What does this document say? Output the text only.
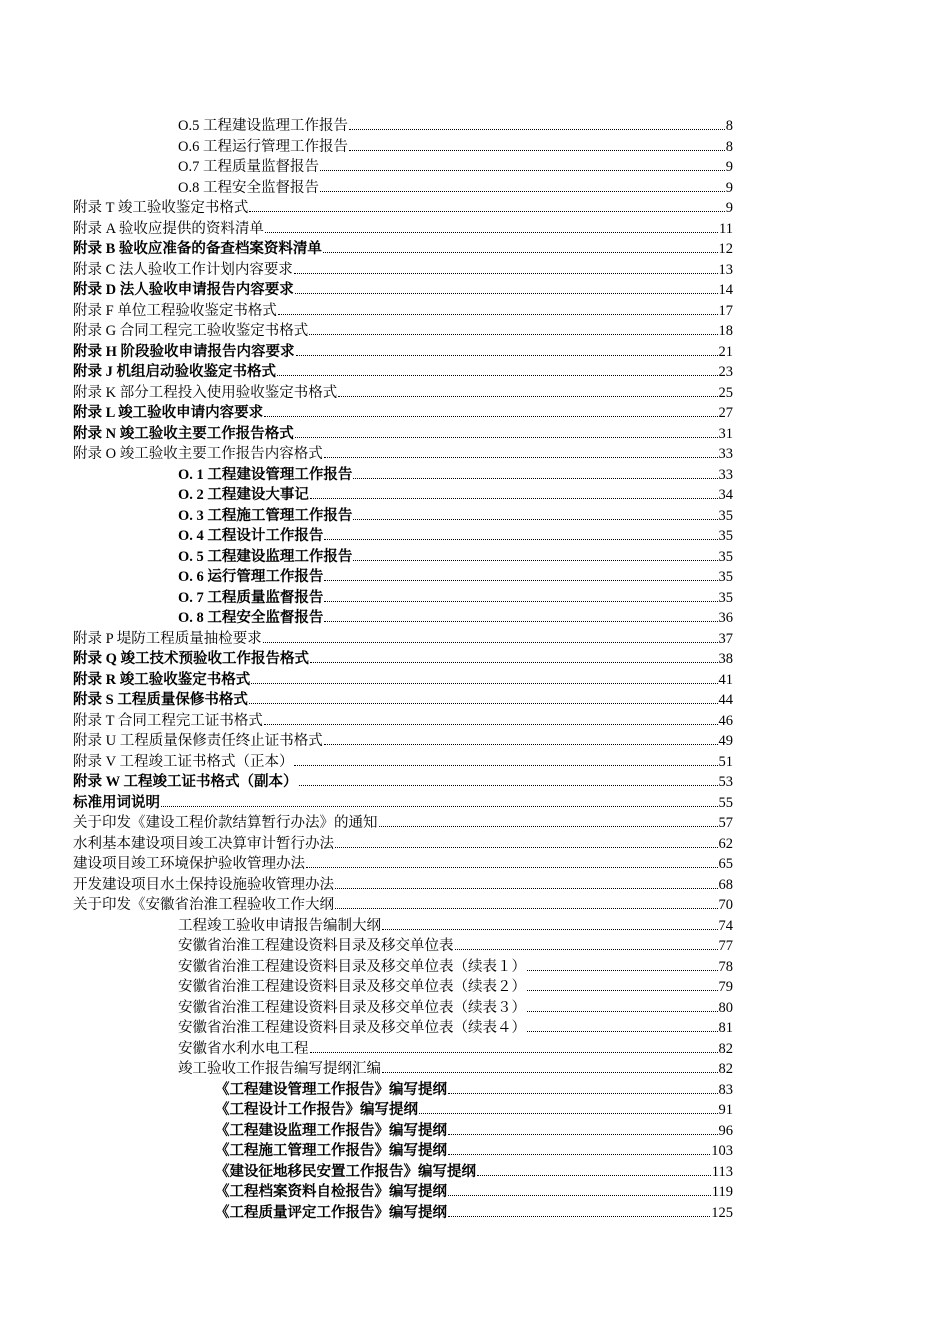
O.5 工程建设监理工作报告	8
O.6 工程运行管理工作报告	8
O.7 工程质量监督报告	9
O.8 工程安全监督报告	9
附录 T 竣工验收鉴定书格式	9
附录 A 验收应提供的资料清单	11
附录 B 验收应准备的备查档案资料清单	12
附录 C 法人验收工作计划内容要求	13
附录 D 法人验收申请报告内容要求	14
附录 F 单位工程验收鉴定书格式	17
附录 G 合同工程完工验收鉴定书格式	18
附录 H 阶段验收申请报告内容要求	21
附录 J 机组启动验收鉴定书格式	23
附录 K 部分工程投入使用验收鉴定书格式	25
附录 L 竣工验收申请内容要求	27
附录 N 竣工验收主要工作报告格式	31
附录 O 竣工验收主要工作报告内容格式	33
O. 1 工程建设管理工作报告	33
O. 2 工程建设大事记	34
O. 3 工程施工管理工作报告	35
O. 4 工程设计工作报告	35
O. 5 工程建设监理工作报告	35
O. 6 运行管理工作报告	35
O. 7 工程质量监督报告	35
O. 8 工程安全监督报告	36
附录 P 堤防工程质量抽检要求	37
附录 Q 竣工技术预验收工作报告格式	38
附录 R 竣工验收鉴定书格式	41
附录 S 工程质量保修书格式	44
附录 T 合同工程完工证书格式	46
附录 U 工程质量保修责任终止证书格式	49
附录 V 工程竣工证书格式（正本）	51
附录 W 工程竣工证书格式（副本）	53
标准用词说明	55
关于印发《建设工程价款结算暂行办法》的通知	57
水利基本建设项目竣工决算审计暂行办法	62
建设项目竣工环境保护验收管理办法	65
开发建设项目水土保持设施验收管理办法	68
关于印发《安徽省治淮工程验收工作大纲	70
工程竣工验收申请报告编制大纲	74
安徽省治淮工程建设资料目录及移交单位表	77
安徽省治淮工程建设资料目录及移交单位表（续表１）	78
安徽省治淮工程建设资料目录及移交单位表（续表２）	79
安徽省治淮工程建设资料目录及移交单位表（续表３）	80
安徽省治淮工程建设资料目录及移交单位表（续表４）	81
安徽省水利水电工程	82
竣工验收工作报告编写提纲汇编	82
《工程建设管理工作报告》编写提纲	83
《工程设计工作报告》编写提纲	91
《工程建设监理工作报告》编写提纲	96
《工程施工管理工作报告》编写提纲	103
《建设征地移民安置工作报告》编写提纲	113
《工程档案资料自检报告》编写提纲	119
《工程质量评定工作报告》编写提纲	125
